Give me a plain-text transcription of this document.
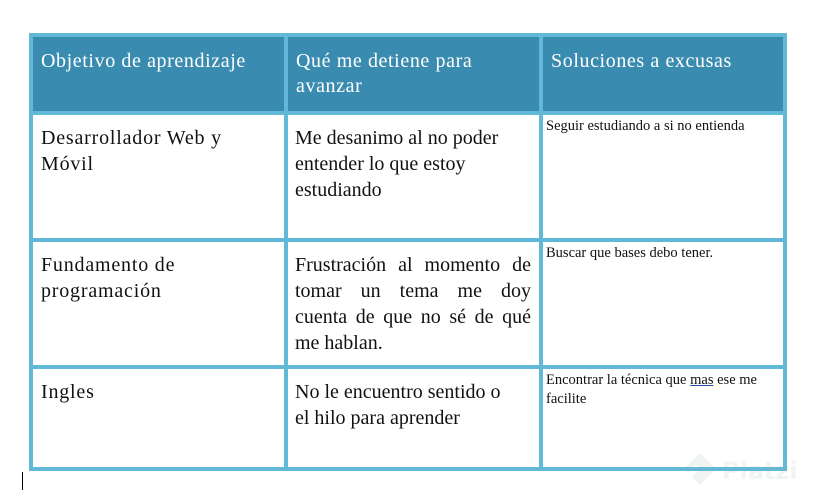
Objetivo de aprendizaje	Qué me detiene para avanzar
Soluciones a excusas
Desarrollador Web y Móvil
Me desanimo al no poder entender lo que estoy estudiando
Seguir estudiando a si no entienda
Fundamento de programación
Frustración al momento de tomar un tema me doy cuenta de que no sé de qué me hablan.
Buscar que bases debo tener.
Ingles	No le encuentro sentido o el hilo para aprender
Encontrar la técnica que mas ese me facilite
Platzi
